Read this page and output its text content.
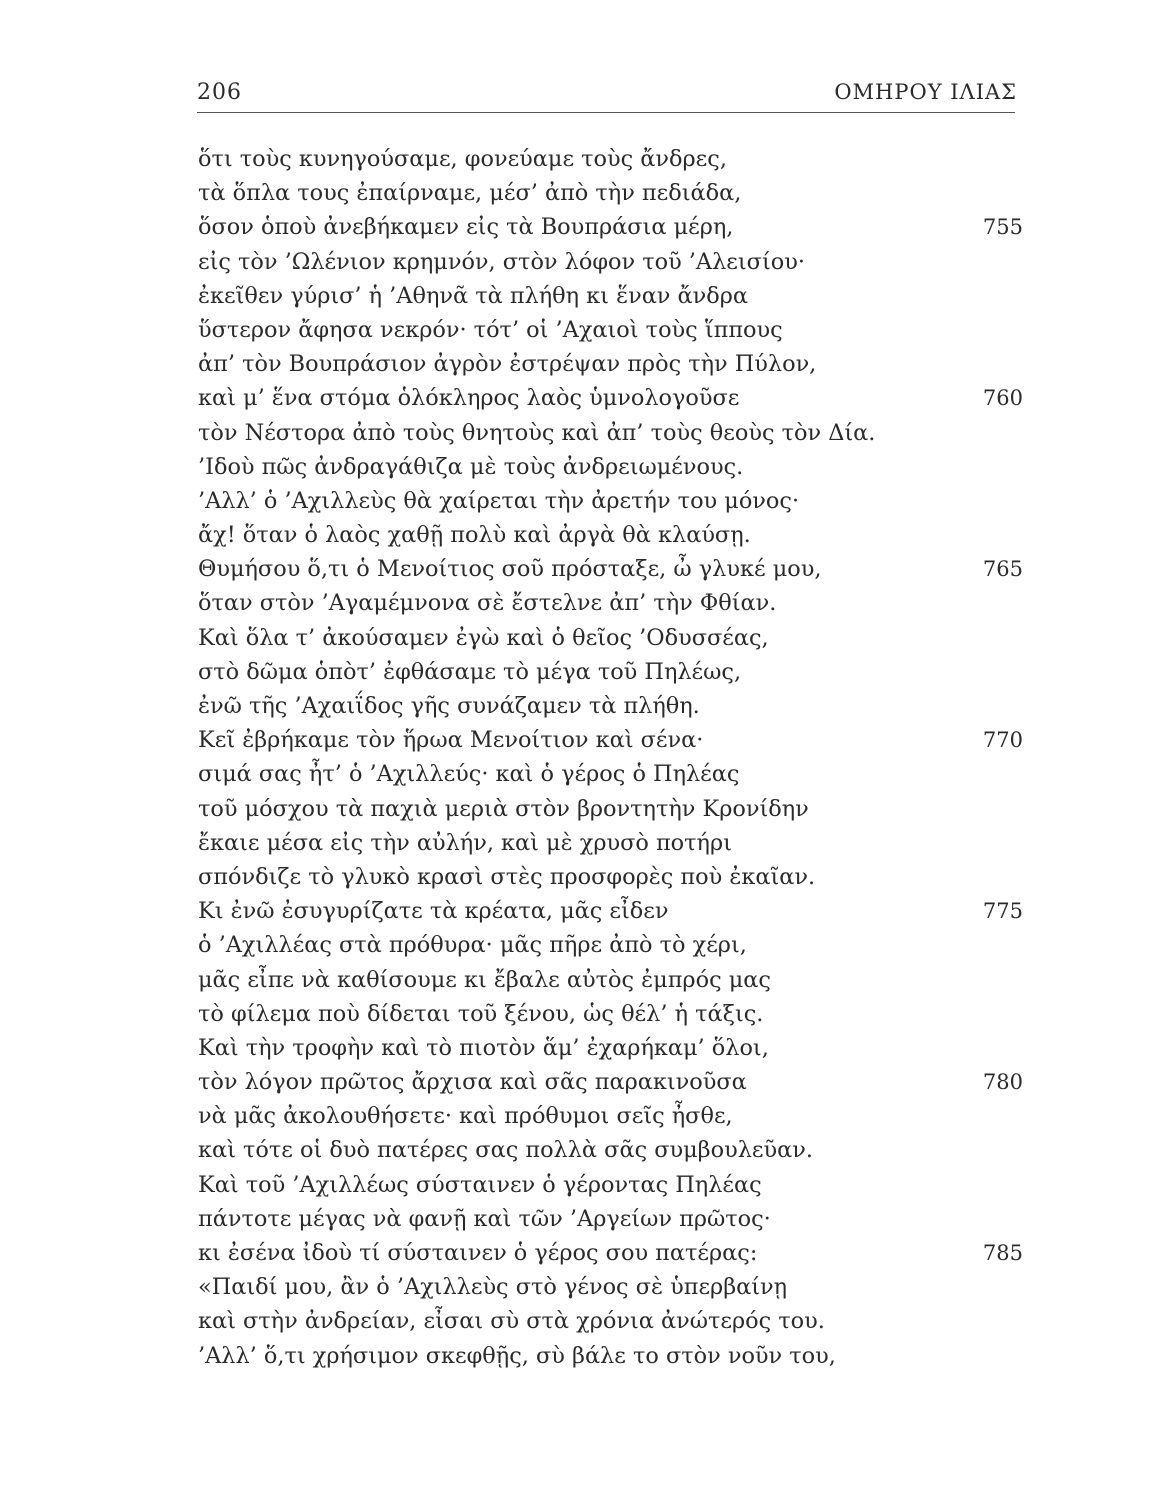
206	ΟΜΗΡΟΥ ΙΛΙΑΣ
ὅτι τοὺς κυνηγούσαμε, φονεύαμε τοὺς ἄνδρες,
τὰ ὅπλα τους ἐπαίρναμε, μέσ’ ἀπὸ τὴν πεδιάδα,
ὅσον ὁποὺ ἀνεβήκαμεν εἰς τὰ Βουπράσια μέρη,	755
εἰς τὸν ’Ωλένιον κρημνόν, στὸν λόφον τοῦ ’Αλεισίου·
ἐκεῖθεν γύρισ’ ἡ ’Αθηνᾶ τὰ πλήθη κι ἕναν ἄνδρα
ὕστερον ἄφησα νεκρόν· τότ’ οἱ ’Αχαιοὶ τοὺς ἵππους
ἀπ’ τὸν Βουπράσιον ἀγρὸν ἐστρέψαν πρὸς τὴν Πύλον,
καὶ μ’ ἕνα στόμα ὁλόκληρος λαὸς ὑμνολογοῦσε	760
τὸν Νέστορα ἀπὸ τοὺς θνητοὺς καὶ ἀπ’ τοὺς θεοὺς τὸν Δία.
’Ιδοὺ πῶς ἀνδραγάθιζα μὲ τοὺς ἀνδρειωμένους.
’Αλλ’ ὁ ’Αχιλλεὺς θὰ χαίρεται τὴν ἀρετήν του μόνος·
ἄχ! ὅταν ὁ λαὸς χαθῇ πολὺ καὶ ἀργὰ θὰ κλαύσῃ.
Θυμήσου ὅ,τι ὁ Μενοίτιος σοῦ πρόσταξε, ὦ γλυκέ μου,	765
ὅταν στὸν ’Αγαμέμνονα σὲ ἔστελνε ἀπ’ τὴν Φθίαν.
Καὶ ὅλα τ’ ἀκούσαμεν ἐγὼ καὶ ὁ θεῖος ’Οδυσσέας,
στὸ δῶμα ὁπὸτ’ ἐφθάσαμε τὸ μέγα τοῦ Πηλέως,
ἐνῶ τῆς ’Αχαιΐδος γῆς συνάζαμεν τὰ πλήθη.
Κεῖ ἐβρήκαμε τὸν ἥρωα Μενοίτιον καὶ σένα·	770
σιμά σας ἦτ’ ὁ ’Αχιλλεύς· καὶ ὁ γέρος ὁ Πηλέας
τοῦ μόσχου τὰ παχιὰ μεριὰ στὸν βροντητὴν Κρονίδην
ἔκαιε μέσα εἰς τὴν αὐλήν, καὶ μὲ χρυσὸ ποτήρι
σπόνδιζε τὸ γλυκὸ κρασὶ στὲς προσφορὲς ποὺ ἐκαῖαν.
Κι ἐνῶ ἐσυγυρίζατε τὰ κρέατα, μᾶς εἶδεν	775
ὁ ’Αχιλλέας στὰ πρόθυρα· μᾶς πῆρε ἀπὸ τὸ χέρι,
μᾶς εἶπε νὰ καθίσουμε κι ἔβαλε αὐτὸς ἐμπρός μας
τὸ φίλεμα ποὺ δίδεται τοῦ ξένου, ὡς θέλ’ ἡ τάξις.
Καὶ τὴν τροφὴν καὶ τὸ πιοτὸν ἅμ’ ἐχαρήκαμ’ ὅλοι,
τὸν λόγον πρῶτος ἄρχισα καὶ σᾶς παρακινοῦσα	780
νὰ μᾶς ἀκολουθήσετε· καὶ πρόθυμοι σεῖς ἦσθε,
καὶ τότε οἱ δυὸ πατέρες σας πολλὰ σᾶς συμβουλεῦαν.
Καὶ τοῦ ’Αχιλλέως σύσταινεν ὁ γέροντας Πηλέας
πάντοτε μέγας νὰ φανῇ καὶ τῶν ’Αργείων πρῶτος·
κι ἐσένα ἰδοὺ τί σύσταινεν ὁ γέρος σου πατέρας:	785
«Παιδί μου, ἂν ὁ ’Αχιλλεὺς στὸ γένος σὲ ὑπερβαίνῃ
καὶ στὴν ἀνδρείαν, εἶσαι σὺ στὰ χρόνια ἀνώτερός του.
’Αλλ’ ὅ,τι χρήσιμον σκεφθῇς, σὺ βάλε το στὸν νοῦν του,
